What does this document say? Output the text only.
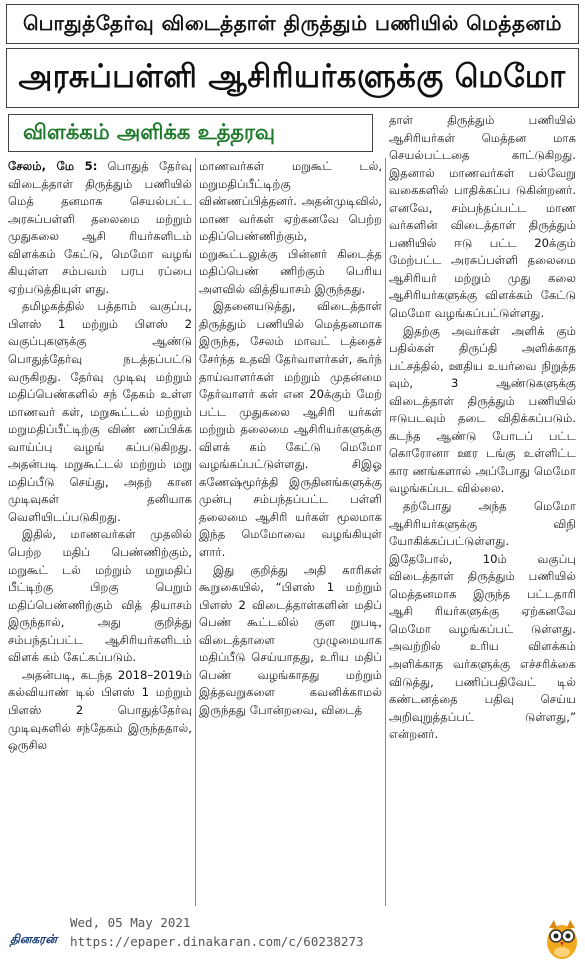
பொதுத்தேர்வு விடைத்தாள் திருத்தும் பணியில் மெத்தனம்
அரசுப்பள்ளி ஆசிரியர்களுக்கு மெமோ
விளக்கம் அளிக்க உத்தரவு

சேலம், மே 5: பொதுத் தேர்வு விடைத்தாள் திருத்தும் பணியில் மெத் தனமாக செயல்பட்ட அரசுப்பள்ளி தலைமை மற்றும் முதுகலை ஆசி ரியர்களிடம் விளக்கம் கேட்டு, மெமோ வழங் கியுள்ள சம்பவம் பரப ரப்பை ஏற்படுத்தியுள் ளது.

தமிழகத்தில் பத்தாம் வகுப்பு, பிளஸ் 1 மற்றும் பிளஸ் 2 வகுப்புகளுக்கு ஆண்டு பொதுத்தேர்வு நடத்தப்பட்டு வருகிறது. தேர்வு முடிவு மற்றும் மதிப்பெண்களில் சந் தேகம் உள்ள மாணவர் கள், மறுகூட்டல் மற்றும் மறுமதிப்பீட்டிற்கு விண் ணப்பிக்க வாய்ப்பு வழங் கப்படுகிறது. அதன்படி மறுகூட்டல் மற்றும் மறு மதிப்பீடு செய்து, அதற் கான முடிவுகள் தனியாக வெளியிடப்படுகிறது.

இதில், மாணவர்கள் முதலில் பெற்ற மதிப் பெண்ணிற்கும், மறுகூட் டல் மற்றும் மறுமதிப் பீட்டிற்கு பிறகு பெறும் மதிப்பெண்ணிற்கும் வித் தியாசம் இருந்தால், அது குறித்து சம்பந்தப்பட்ட ஆசிரியர்களிடம் விளக் கம் கேட்கப்படும்.

அதன்படி, கடந்த 2018–2019ம் கல்வியாண் டில் பிளஸ் 1 மற்றும் பிளஸ் 2 பொதுத்தேர்வு முடிவுகளில் சந்தேகம் இருந்ததால், ஒருசில

மாணவர்கள் மறுகூட் டல், மறுமதிப்பீட்டிற்கு விண்ணப்பித்தனர். அதன்முடிவில், மாண வர்கள் ஏற்கனவே பெற்ற மதிப்பெண்ணிற்கும், மறுகூட்டலுக்கு பின்னர் கிடைத்த மதிப்பெண் ணிற்கும் பெரிய அளவில் வித்தியாசம் இருந்தது.

இதனையடுத்து, விடைத்தாள் திருத்தும் பணியில் மெத்தனமாக இருந்த, சேலம் மாவட் டத்தைச் சேர்ந்த உதவி தேர்வாளர்கள், கூர்ந் தாய்வாளர்கள் மற்றும் முதன்மை தேர்வாளர் கள் என 20க்கும் மேற் பட்ட முதுகலை ஆசிரி யர்கள் மற்றும் தலைமை ஆசிரியர்களுக்கு விளக் கம் கேட்டு மெமோ வழங்கப்பட்டுள்ளது. சிஇஓ கணேஷ்மூர்த்தி இருதினங்களுக்கு முன்பு சம்பந்தப்பட்ட பள்ளி தலைமை ஆசிரி யர்கள் மூலமாக இந்த மெமோவை வழங்கியுள் ளார்.

இது குறித்து அதி காரிகள் கூறுகையில், “பிளஸ் 1 மற்றும் பிளஸ் 2 விடைத்தாள்களின் மதிப் பெண் கூட்டலில் குள றுபடி, விடைத்தாளை முழுமையாக மதிப்பீடு செய்யாதது, உரிய மதிப் பெண் வழங்காதது மற்றும் இத்தவறுகளை கவனிக்காமல் இருந்தது போன்றவை, விடைத்

தாள் திருத்தும் பணியில் ஆசிரியர்கள் மெத்தன மாக செயல்பட்டதை காட்டுகிறது. இதனால் மாணவர்கள் பல்வேறு வகைகளில் பாதிக்கப்ப டுகின்றனர். எனவே, சம்பந்தப்பட்ட மாண வர்களின் விடைத்தாள் திருத்தும் பணியில் ஈடு பட்ட 20க்கும் மேற்பட்ட அரசுப்பள்ளி தலைமை ஆசிரியர் மற்றும் முது கலை ஆசிரியர்களுக்கு விளக்கம் கேட்டு மெமோ வழங்கப்பட்டுள்ளது.

இதற்கு அவர்கள் அளிக் கும் பதில்கள் திருப்தி அளிக்காத பட்சத்தில், ஊதிய உயர்வை நிறுத்த வும், 3 ஆண்டுகளுக்கு விடைத்தாள் திருத்தும் பணியில் ஈடுபடவும் தடை விதிக்கப்படும். கடந்த ஆண்டு போடப் பட்ட கொரோனா ஊர டங்கு உள்ளிட்ட கார ணங்களால் அப்போது மெமோ வழங்கப்பட வில்லை.

தற்போது அந்த மெமோ ஆசிரியர்களுக்கு விநி யோகிக்கப்பட்டுள்ளது. இதேபோல், 10ம் வகுப்பு விடைத்தாள் திருத்தும் பணியில் மெத்தனமாக இருந்த பட்டதாரி ஆசி ரியர்களுக்கு ஏற்கனவே மெமோ வழங்கப்பட் டுள்ளது. அவற்றில் உரிய விளக்கம் அளிக்காத வர்களுக்கு எச்சரிக்கை விடுத்து, பணிப்பதிவேட் டில் கண்டனத்தை பதிவு செய்ய அறிவுறுத்தப்பட் டுள்ளது,” என்றனர்.

தினகரன்
Wed, 05 May 2021
https://epaper.dinakaran.com/c/60238273
